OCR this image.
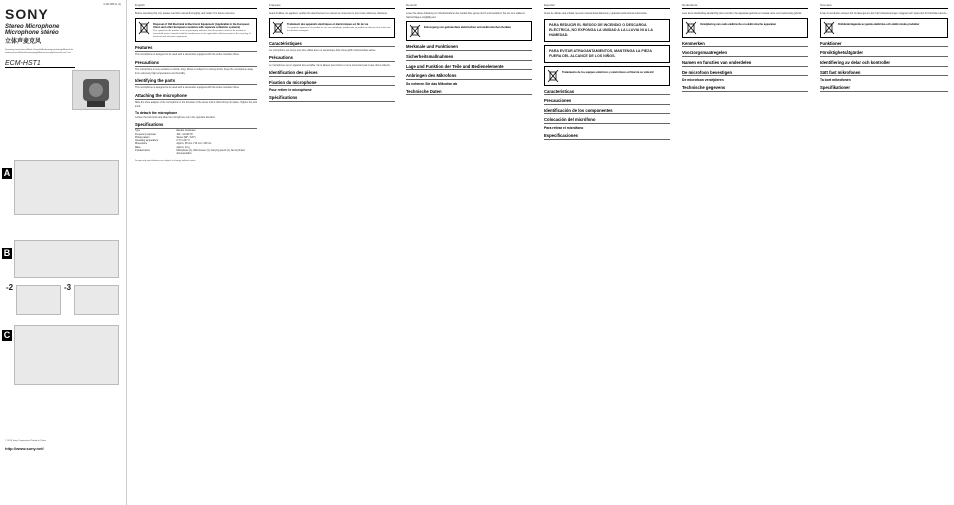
4-151-585-11 (1)
SONY
Stereo Microphone
Microphone stéréo
立体声麦克风
Operating Instructions/Mode d'emploi/Bedienungsanleitung/Manual de instrucciones/Gebruiksaanwijzing/Bruksanvisning/Istruzioni per l'uso
ECM-HST1
A
B
-2	-3
C
© 2010 Sony Corporation Printed in China
http://www.sony.net/
English
Before operating this unit, please read this manual thoroughly, and retain it for future reference.
Disposal of Old Electrical & Electronic Equipment (Applicable in the European Union and other European countries with separate collection systems)
This symbol on the product or on its packaging indicates that this product shall not be treated as household waste. Instead it shall be handed over to the applicable collection point for the recycling of electrical and electronic equipment.
Features
This microphone is designed to be used with a camcorder equipped with the Active Interface Shoe.
Precautions
The microphone is very sensitive to shock, drop, blows or subject it to strong shock. Keep the microphone away from extremely high temperatures and humidity.
Identifying the parts
This microphone is designed to be used with a camcorder equipped with the Active Interface Shoe.
Attaching the microphone
Slide the shoe adaptor of the microphone in the direction of the arrow until it clicks firmly into place. Tighten the lock knob.
To detach the microphone
Loosen the lock knob and slide the microphone out in the opposite direction.
Specifications
Type	Electret condenser
Frequency response	100 - 12,000 Hz
Pickup pattern	Stereo (90° / 120°)
Operating temperature	0 °C to 40 °C
Dimensions	Approx. 38 mm × 52 mm × 68 mm
Mass	Approx. 44 g
Included items	Microphone (1), Wind screen (1), Carrying pouch (1), Set of printed documentation
Design and specifications are subject to change without notice.
Français
Avant d'utiliser cet appareil, veuillez lire attentivement ce manuel et conservez-le pour toute référence ultérieure.
Traitement des appareils électriques et électroniques en fin de vie
Ce symbole, apposé sur le produit ou sur son emballage, indique que ce produit ne doit pas être traité avec les déchets ménagers.
Caractéristiques
Ce microphone est conçu pour être utilisé avec un caméscope doté d'une griffe multi-interface active.
Précautions
Le microphone est un appareil très sensible. Ne le laissez pas tomber et ne le soumettez pas à des chocs violents.
Identification des pièces
Fixation du microphone
Pour retirer le microphone
Spécifications
Deutsch
Lesen Sie diese Anleitung vor Inbetriebnahme des Geräts bitte genau durch und bewahren Sie sie zum späteren Nachschlagen sorgfältig auf.
Entsorgung von gebrauchten elektrischen und elektronischen Geräten
Merkmale und Funktionen
Sicherheitsmaßnahmen
Lage und Funktion der Teile und Bedienelemente
Anbringen des Mikrofons
So nehmen Sie das Mikrofon ab
Technische Daten
Español
Antes de utilizar esta unidad, lea este manual detenidamente y guárdelo para futuras referencias.
PARA REDUCIR EL RIESGO DE INCENDIO O DESCARGA ELÉCTRICA, NO EXPONGA LA UNIDAD A LA LLUVIA NI A LA HUMEDAD.
PARA EVITAR ATRAGANTAMIENTOS, MANTENGA LA PIEZA FUERA DEL ALCANCE DE LOS NIÑOS.
Tratamiento de los equipos eléctricos y electrónicos al final de su vida útil
Características
Precauciones
Identificación de los componentes
Colocación del micrófono
Para retirar el micrófono
Especificaciones
Nederlands
Lees deze handleiding aandachtig door voordat u het apparaat gebruikt en bewaar deze voor toekomstig gebruik.
Verwijdering van oude elektrische en elektronische apparaten
Kenmerken
Voorzorgsmaatregelen
Namen en functies van onderdelen
De microfoon bevestigen
De microfoon verwijderen
Technische gegevens
Svenska
Innan du använder enheten bör du läsa igenom den här bruksanvisningen noggrant och spara den för framtida referens.
Omhändertagande av gamla elektriska och elektroniska produkter
Funktioner
Försiktighetsåtgärder
Identifiering av delar och kontroller
Sätt fast mikrofonen
Ta bort mikrofonen
Specifikationer
